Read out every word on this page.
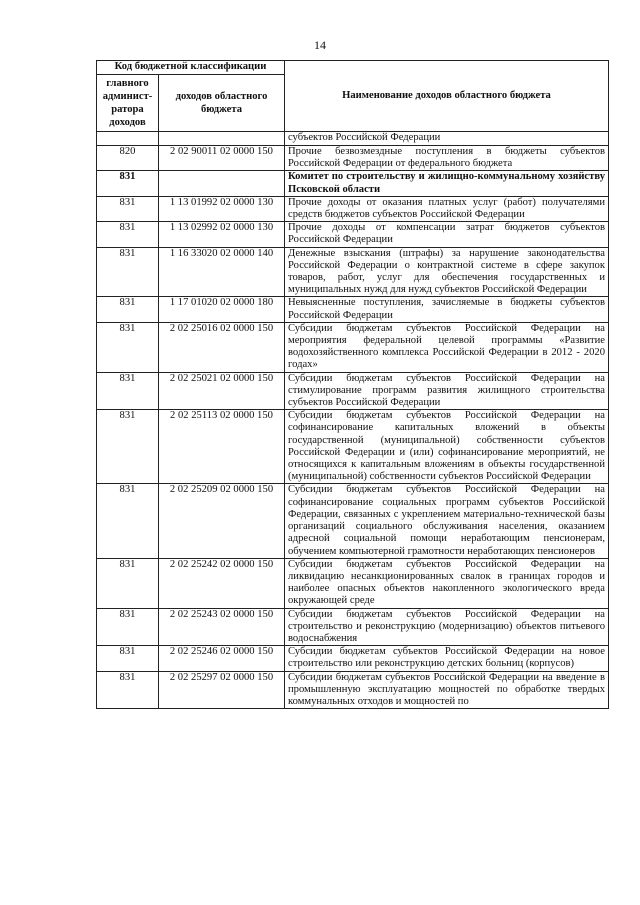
14
Код бюджетной классификации		Наименование доходов областного бюджета
главного админист-ратора доходов	доходов областного бюджета	
		субъектов Российской Федерации
820	2 02 90011 02 0000 150	Прочие безвозмездные поступления в бюджеты субъектов Российской Федерации от федерального бюджета
831		Комитет по строительству и жилищно-коммунальному хозяйству Псковской области
831	1 13 01992 02 0000 130	Прочие доходы от оказания платных услуг (работ) получателями средств бюджетов субъектов Российской Федерации
831	1 13 02992 02 0000 130	Прочие доходы от компенсации затрат бюджетов субъектов Российской Федерации
831	1 16 33020 02 0000 140	Денежные взыскания (штрафы) за нарушение законодательства Российской Федерации о контрактной системе в сфере закупок товаров, работ, услуг для обеспечения государственных и муниципальных нужд для нужд субъектов Российской Федерации
831	1 17 01020 02 0000 180	Невыясненные поступления, зачисляемые в бюджеты субъектов Российской Федерации
831	2 02 25016 02 0000 150	Субсидии бюджетам субъектов Российской Федерации на мероприятия федеральной целевой программы «Развитие водохозяйственного комплекса Российской Федерации в 2012 - 2020 годах»
831	2 02 25021 02 0000 150	Субсидии бюджетам субъектов Российской Федерации на стимулирование программ развития жилищного строительства субъектов Российской Федерации
831	2 02 25113 02 0000 150	Субсидии бюджетам субъектов Российской Федерации на софинансирование капитальных вложений в объекты государственной (муниципальной) собственности субъектов Российской Федерации и (или) софинансирование мероприятий, не относящихся к капитальным вложениям в объекты государственной (муниципальной) собственности субъектов Российской Федерации
831	2 02 25209 02 0000 150	Субсидии бюджетам субъектов Российской Федерации на софинансирование социальных программ субъектов Российской Федерации, связанных с укреплением материально-технической базы организаций социального обслуживания населения, оказанием адресной социальной помощи неработающим пенсионерам, обучением компьютерной грамотности неработающих пенсионеров
831	2 02 25242 02 0000 150	Субсидии бюджетам субъектов Российской Федерации на ликвидацию несанкционированных свалок в границах городов и наиболее опасных объектов накопленного экологического вреда окружающей среде
831	2 02 25243 02 0000 150	Субсидии бюджетам субъектов Российской Федерации на строительство и реконструкцию (модернизацию) объектов питьевого водоснабжения
831	2 02 25246 02 0000 150	Субсидии бюджетам субъектов Российской Федерации на новое строительство или реконструкцию детских больниц (корпусов)
831	2 02 25297 02 0000 150	Субсидии бюджетам субъектов Российской Федерации на введение в промышленную эксплуатацию мощностей по обработке твердых коммунальных отходов и мощностей по
